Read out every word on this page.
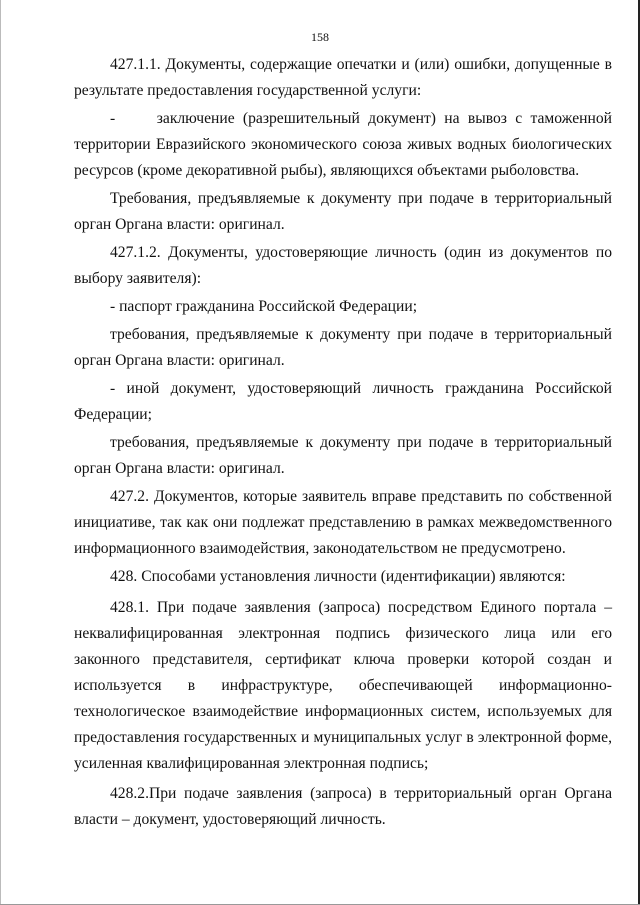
158

427.1.1. Документы, содержащие опечатки и (или) ошибки, допущенные в результате предоставления государственной услуги:

-     заключение (разрешительный документ) на вывоз с таможенной территории Евразийского экономического союза живых водных биологических ресурсов (кроме декоративной рыбы), являющихся объектами рыболовства.

Требования, предъявляемые к документу при подаче в территориальный орган Органа власти: оригинал.

427.1.2. Документы, удостоверяющие личность (один из документов по выбору заявителя):

- паспорт гражданина Российской Федерации;

требования, предъявляемые к документу при подаче в территориальный орган Органа власти: оригинал.

- иной документ, удостоверяющий личность гражданина Российской Федерации;

требования, предъявляемые к документу при подаче в территориальный орган Органа власти: оригинал.

427.2. Документов, которые заявитель вправе представить по собственной инициативе, так как они подлежат представлению в рамках межведомственного информационного взаимодействия, законодательством не предусмотрено.

428. Способами установления личности (идентификации) являются:

428.1. При подаче заявления (запроса) посредством Единого портала – неквалифицированная электронная подпись физического лица или его законного представителя, сертификат ключа проверки которой создан и используется в инфраструктуре, обеспечивающей информационно-технологическое взаимодействие информационных систем, используемых для предоставления государственных и муниципальных услуг в электронной форме, усиленная квалифицированная электронная подпись;

428.2.При подаче заявления (запроса) в территориальный орган Органа власти – документ, удостоверяющий личность.
